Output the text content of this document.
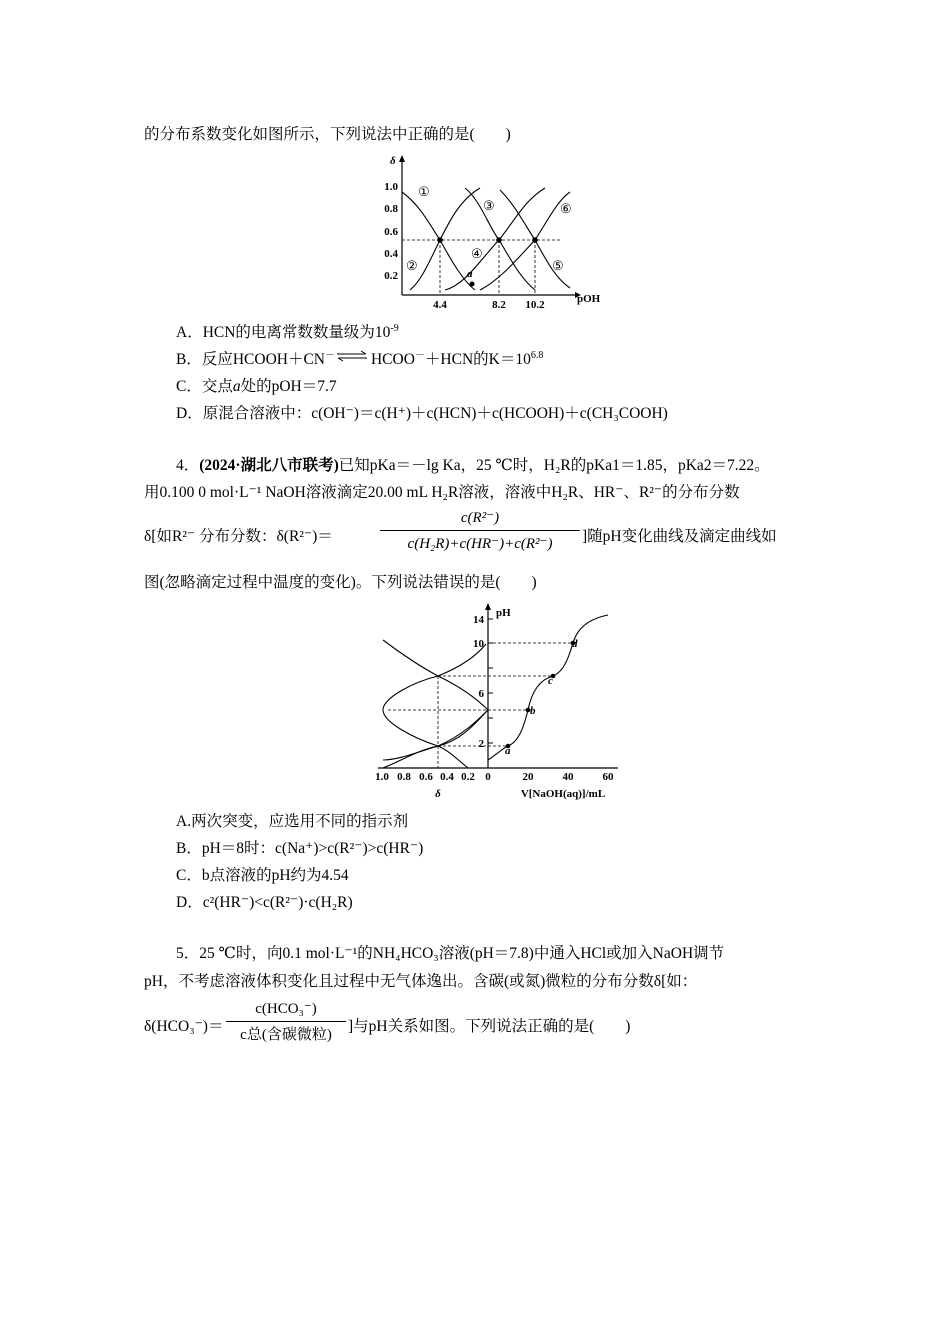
的分布系数变化如图所示，下列说法中正确的是(　　)
δ
pOH
1.0
0.8
0.6
0.4
0.2
4.4	8.2 10.2
①
②
③
④
⑤
⑥
a
A．HCN的电离常数数量级为$10^{-9}$
B．反应HCOOH＋CN－ HCOO－＋HCN的$K=10^{6.8}$
C．交点a处的pOH＝7.7
D．原混合溶液中：c(OH⁻)＝c(H⁺)＋c(HCN)＋c(HCOOH)＋c(CH₃COOH)
4．(2024·湖北八市联考)已知pKa＝－lg Ka，25 ℃时，H₂R的pKa1＝1.85，pKa2＝7.22。
用0.100 0 mol·L⁻¹ NaOH溶液滴定20.00 mL H₂R溶液，溶液中H₂R、HR⁻、R²⁻的分布分数
δ[如R²⁻ 分布分数：δ(R²⁻)＝
c(R²⁻)
c(H₂R)+c(HR⁻)+c(R²⁻)	]随pH变化曲线及滴定曲线如
图(忽略滴定过程中温度的变化)。下列说法错误的是(　　)
pH
14
10
6
2
1.0 0.8 0.6 0.4 0.2 0	20	40	60
δ	V[NaOH(aq)]/mL
a
b
c
d
A.两次突变，应选用不同的指示剂
B．pH＝8时：c(Na⁺)>c(R²⁻)>c(HR⁻)
C．b点溶液的pH约为4.54
D．c²(HR⁻)<c(R²⁻)·c(H₂R)
5．25 ℃时，向0.1 mol·L⁻¹的NH₄HCO₃溶液(pH＝7.8)中通入HCl或加入NaOH调节
pH，不考虑溶液体积变化且过程中无气体逸出。含碳(或氮)微粒的分布分数δ[如：
δ(HCO₃⁻)＝
c(HCO₃⁻)
c总(含碳微粒)	]与pH关系如图。下列说法正确的是(　　)
